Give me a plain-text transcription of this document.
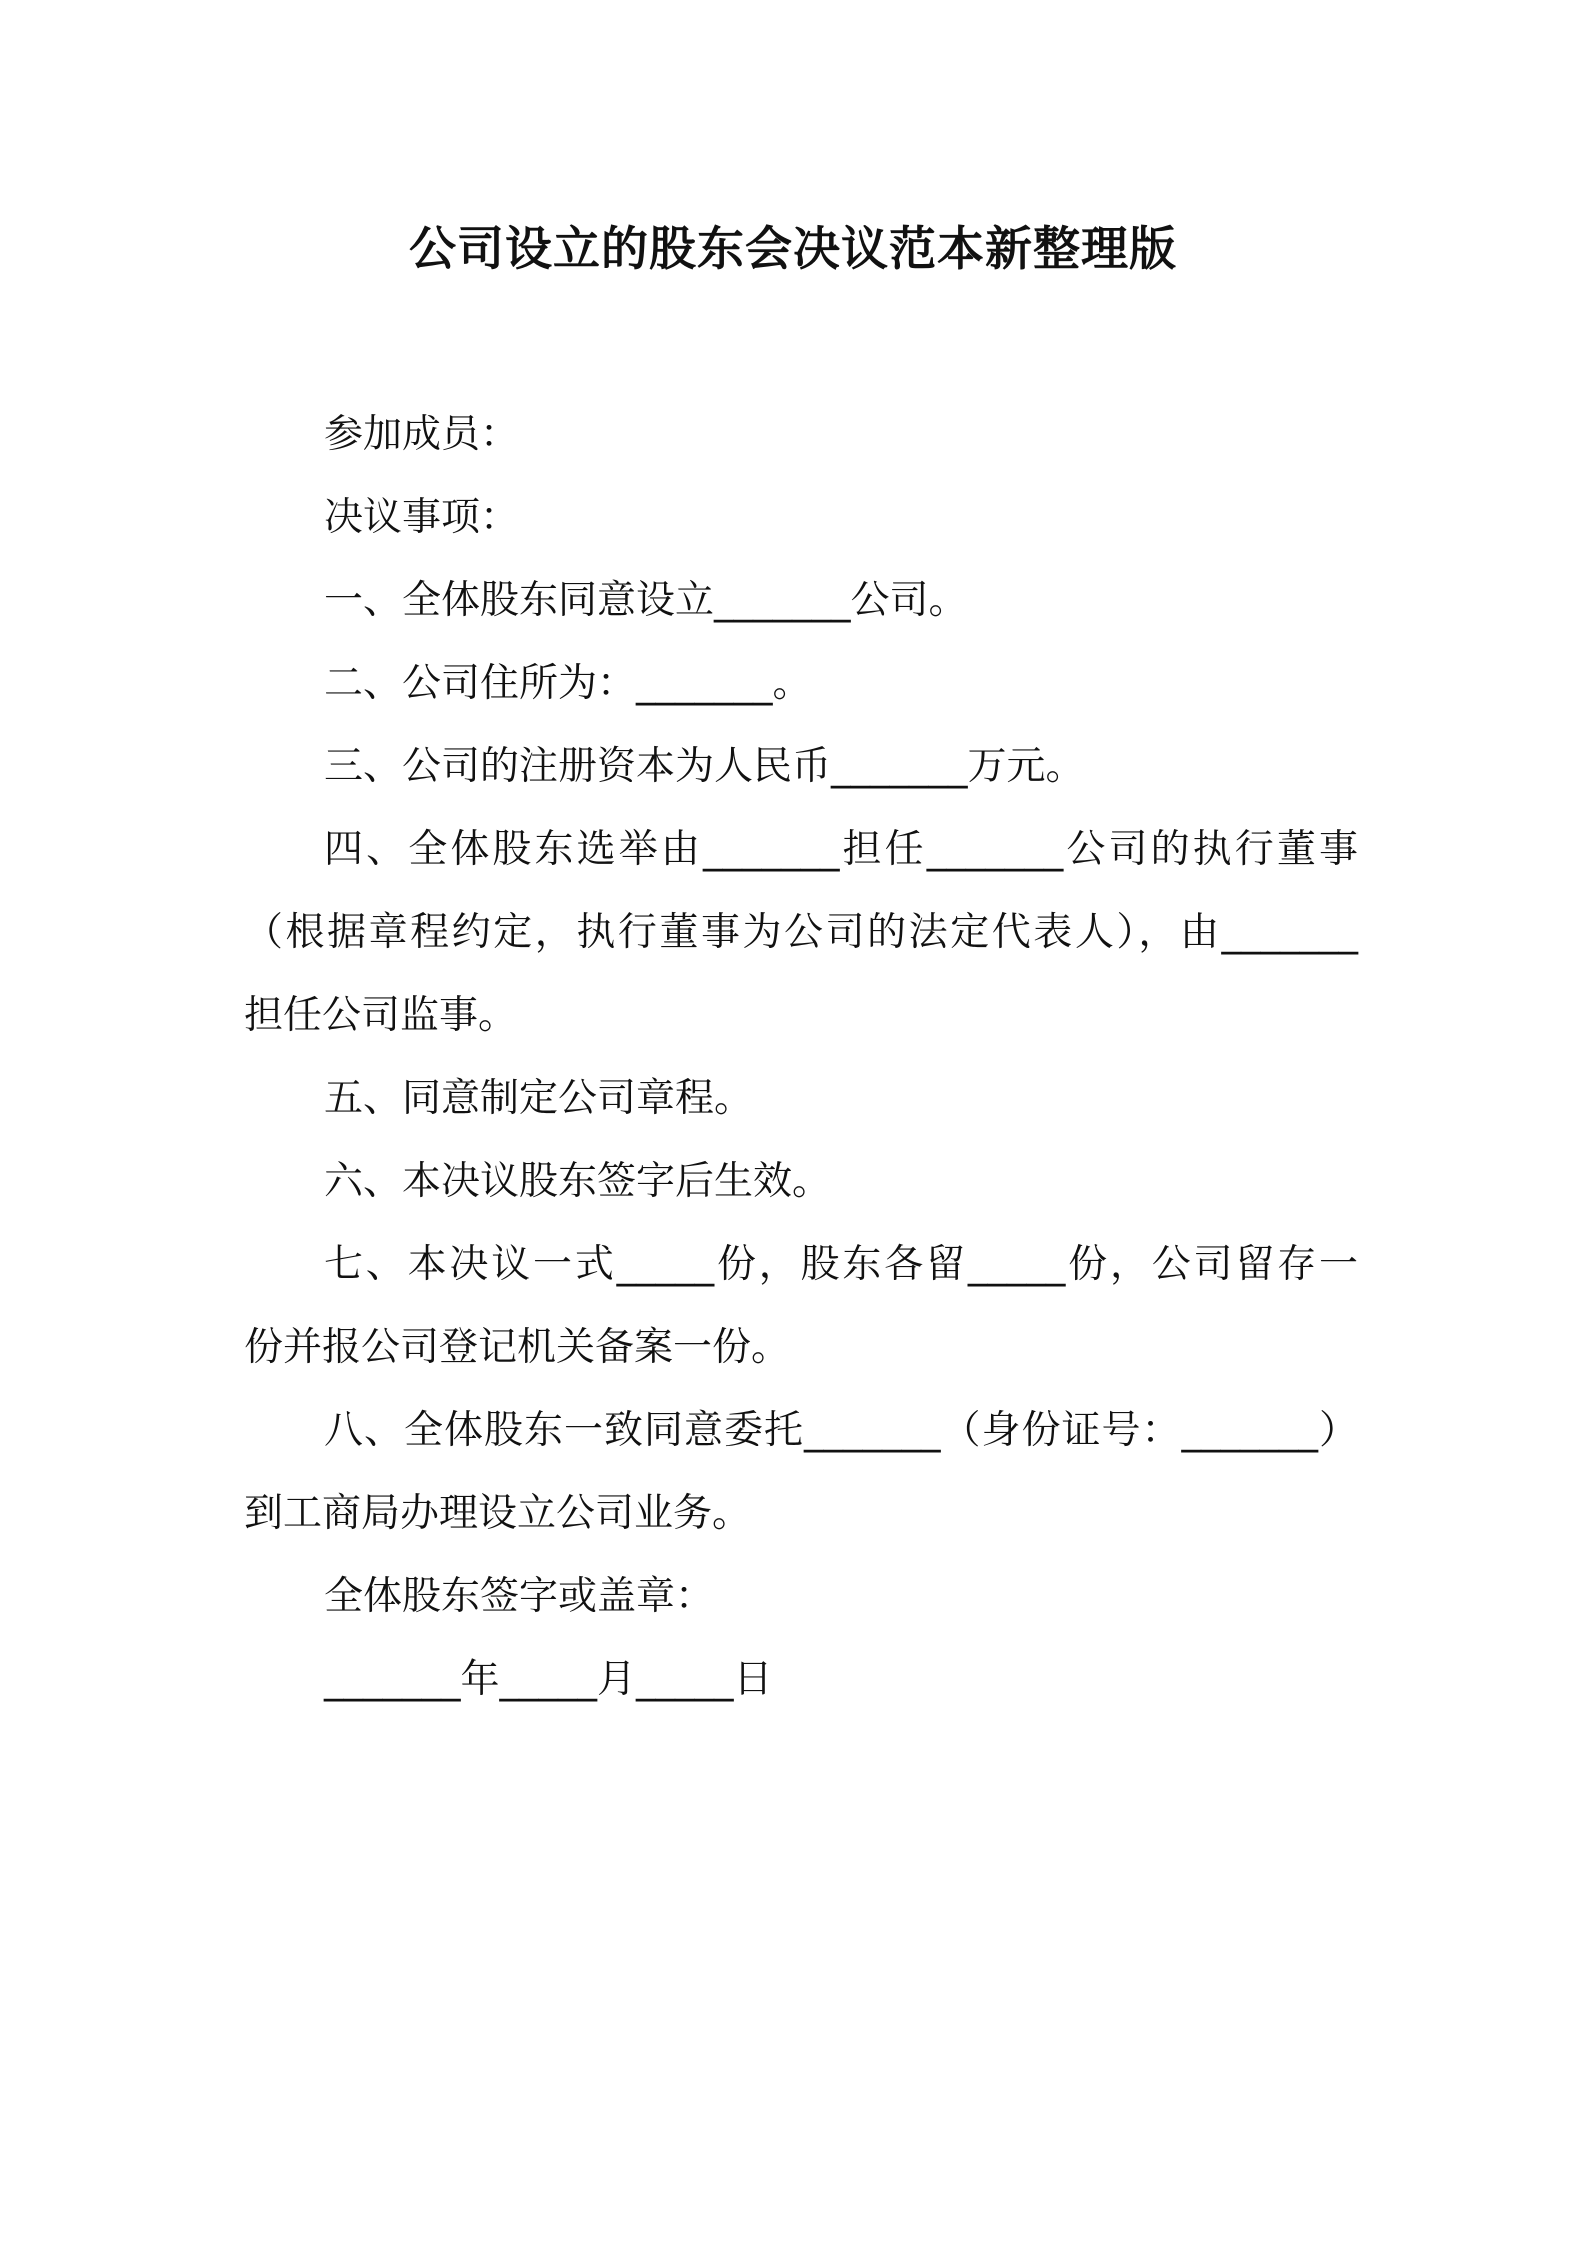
公司设立的股东会决议范本新整理版
参加成员：
决议事项：
一、全体股东同意设立_______公司。
二、公司住所为：_______。
三、公司的注册资本为人民币_______万元。
四、全体股东选举由_______担任_______公司的执行董事
（根据章程约定，执行董事为公司的法定代表人），由_______
担任公司监事。
五、同意制定公司章程。
六、本决议股东签字后生效。
七、本决议一式_____份，股东各留_____份，公司留存一
份并报公司登记机关备案一份。
八、全体股东一致同意委托_______（身份证号：_______）
到工商局办理设立公司业务。
全体股东签字或盖章：
_______年_____月_____日
